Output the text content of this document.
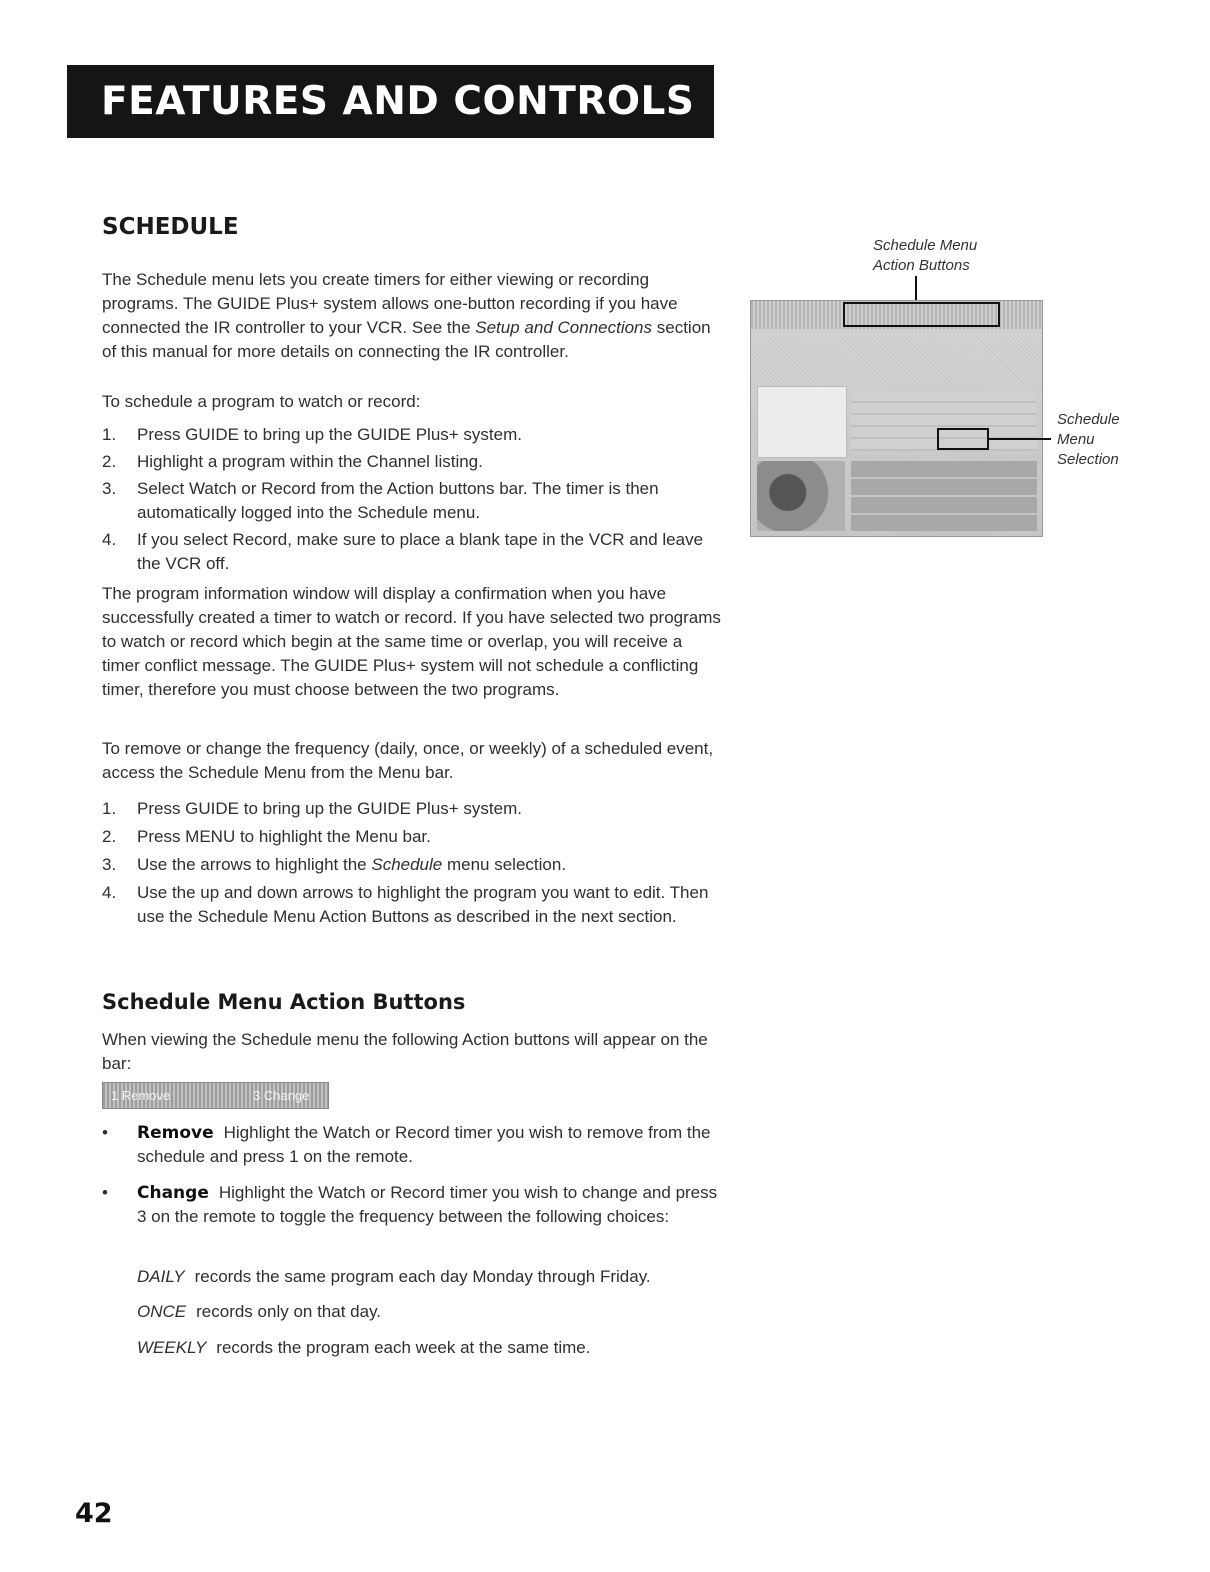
FEATURES AND CONTROLS
SCHEDULE

The Schedule menu lets you create timers for either viewing or recording programs. The GUIDE Plus+ system allows one-button recording if you have connected the IR controller to your VCR. See the Setup and Connections section of this manual for more details on connecting the IR controller.

To schedule a program to watch or record:

1. Press GUIDE to bring up the GUIDE Plus+ system.
2. Highlight a program within the Channel listing.
3. Select Watch or Record from the Action buttons bar. The timer is then automatically logged into the Schedule menu.
4. If you select Record, make sure to place a blank tape in the VCR and leave the VCR off.

The program information window will display a confirmation when you have successfully created a timer to watch or record. If you have selected two programs to watch or record which begin at the same time or overlap, you will receive a timer conflict message. The GUIDE Plus+ system will not schedule a conflicting timer, therefore you must choose between the two programs.

To remove or change the frequency (daily, once, or weekly) of a scheduled event, access the Schedule Menu from the Menu bar.

1. Press GUIDE to bring up the GUIDE Plus+ system.
2. Press MENU to highlight the Menu bar.
3. Use the arrows to highlight the Schedule menu selection.
4. Use the up and down arrows to highlight the program you want to edit. Then use the Schedule Menu Action Buttons as described in the next section.
Schedule Menu
Action Buttons
Schedule
Menu
Selection
Schedule Menu Action Buttons

When viewing the Schedule menu the following Action buttons will appear on the bar:

1 Remove	3 Change
• Remove Highlight the Watch or Record timer you wish to remove from the schedule and press 1 on the remote.
• Change Highlight the Watch or Record timer you wish to change and press 3 on the remote to toggle the frequency between the following choices:
DAILY records the same program each day Monday through Friday.
ONCE records only on that day.
WEEKLY records the program each week at the same time.
42
